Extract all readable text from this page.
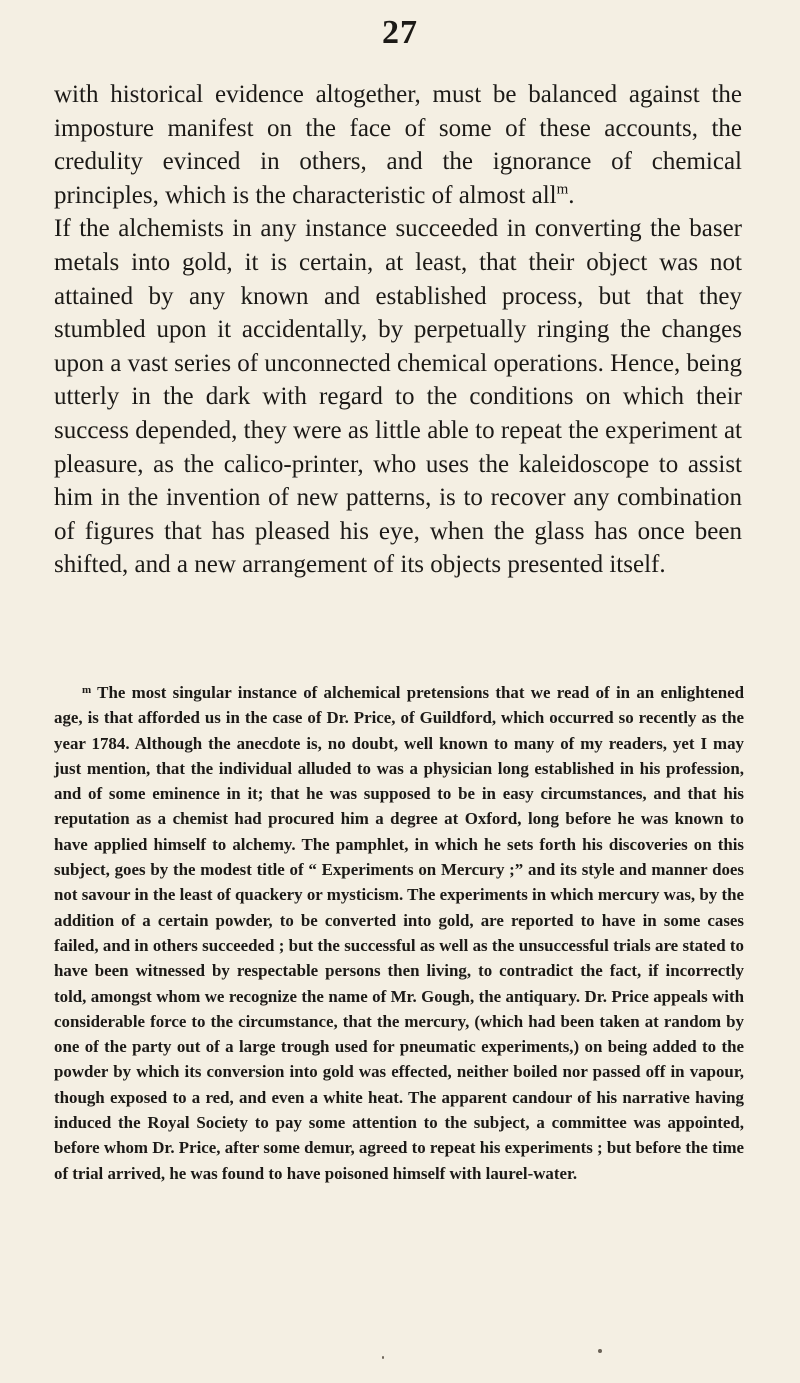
27

with historical evidence altogether, must be balanced against the imposture manifest on the face of some of these accounts, the credulity evinced in others, and the ignorance of chemical principles, which is the characteristic of almost all$^m$.

If the alchemists in any instance succeeded in converting the baser metals into gold, it is certain, at least, that their object was not attained by any known and established process, but that they stumbled upon it accidentally, by perpetually ringing the changes upon a vast series of unconnected chemical operations. Hence, being utterly in the dark with regard to the conditions on which their success depended, they were as little able to repeat the experiment at pleasure, as the calico-printer, who uses the kaleidoscope to assist him in the invention of new patterns, is to recover any combination of figures that has pleased his eye, when the glass has once been shifted, and a new arrangement of its objects presented itself.

$^m$ The most singular instance of alchemical pretensions that we read of in an enlightened age, is that afforded us in the case of Dr. Price, of Guildford, which occurred so recently as the year 1784. Although the anecdote is, no doubt, well known to many of my readers, yet I may just mention, that the individual alluded to was a physician long established in his profession, and of some eminence in it; that he was supposed to be in easy circumstances, and that his reputation as a chemist had procured him a degree at Oxford, long before he was known to have applied himself to alchemy. The pamphlet, in which he sets forth his discoveries on this subject, goes by the modest title of “ Experiments on Mercury ;” and its style and manner does not savour in the least of quackery or mysticism. The experiments in which mercury was, by the addition of a certain powder, to be converted into gold, are reported to have in some cases failed, and in others succeeded ; but the successful as well as the unsuccessful trials are stated to have been witnessed by respectable persons then living, to contradict the fact, if incorrectly told, amongst whom we recognize the name of Mr. Gough, the antiquary. Dr. Price appeals with considerable force to the circumstance, that the mercury, (which had been taken at random by one of the party out of a large trough used for pneumatic experiments,) on being added to the powder by which its conversion into gold was effected, neither boiled nor passed off in vapour, though exposed to a red, and even a white heat. The apparent candour of his narrative having induced the Royal Society to pay some attention to the subject, a committee was appointed, before whom Dr. Price, after some demur, agreed to repeat his experiments ; but before the time of trial arrived, he was found to have poisoned himself with laurel-water.
